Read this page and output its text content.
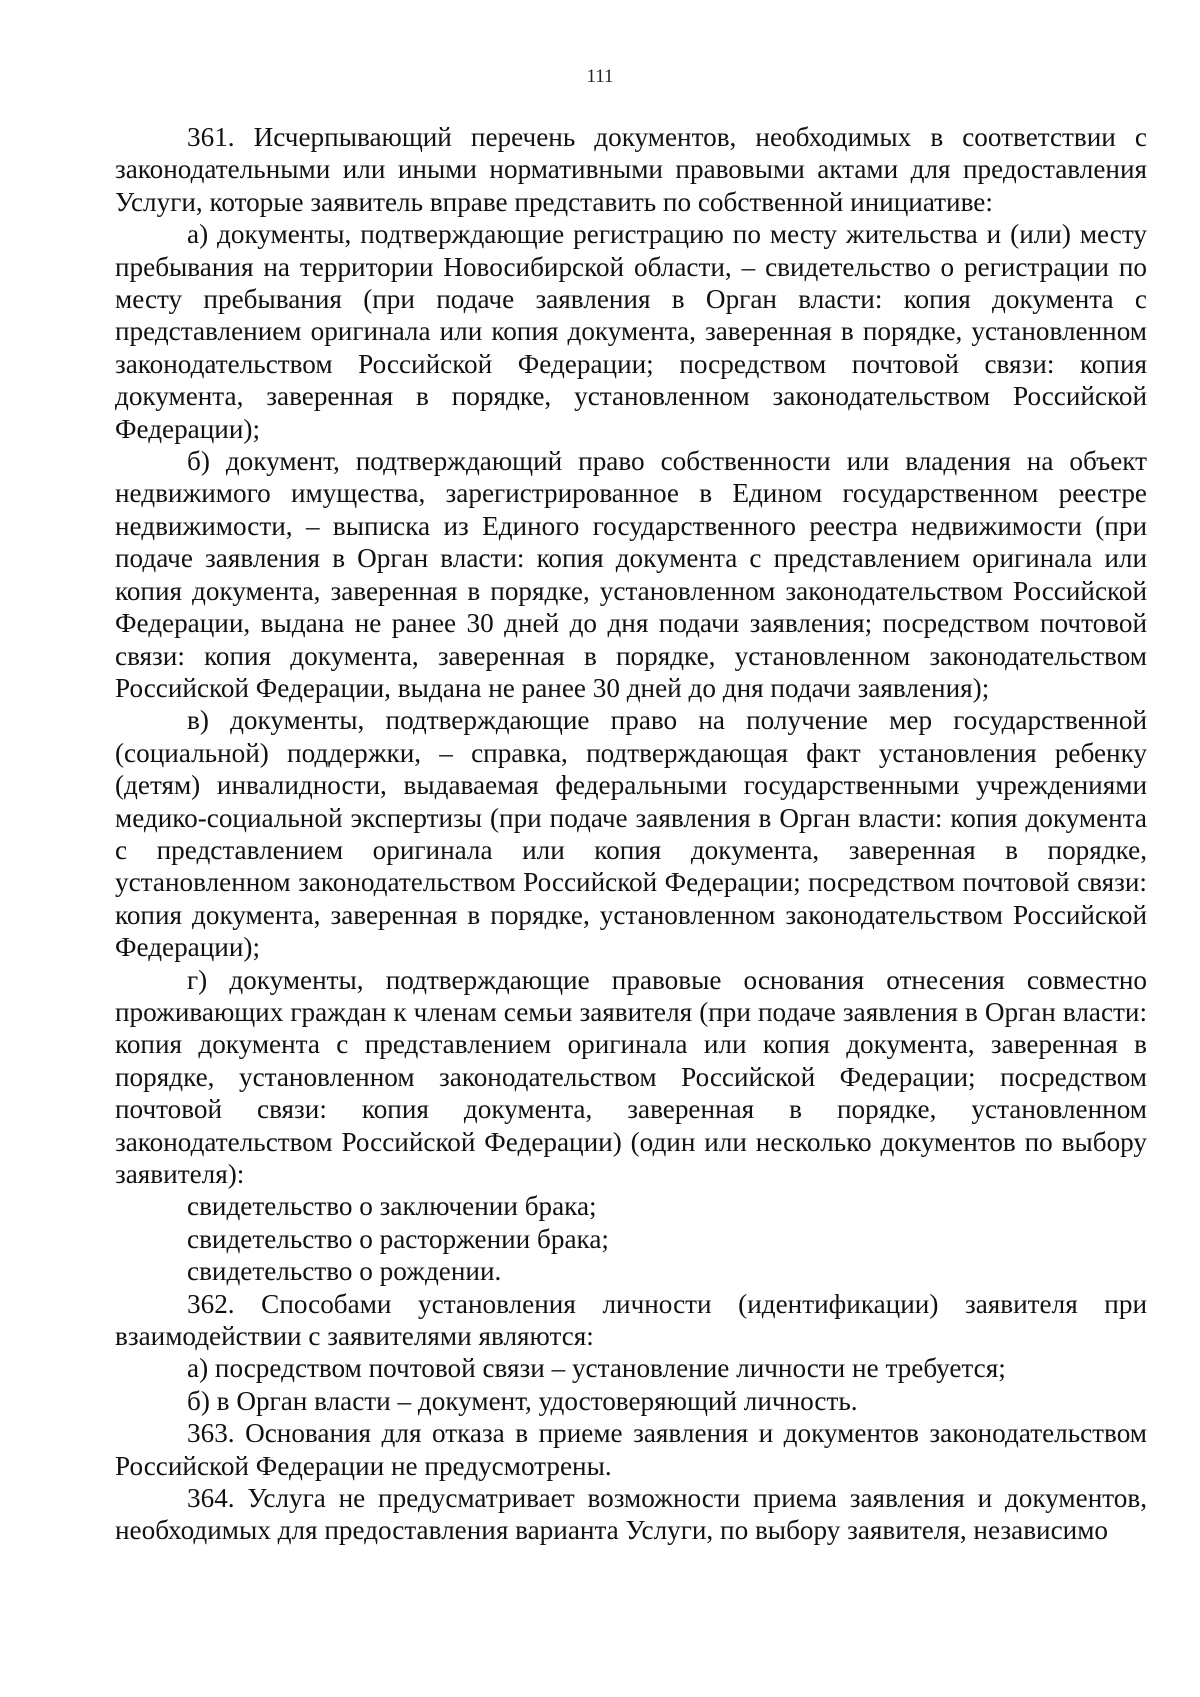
111

361. Исчерпывающий перечень документов, необходимых в соответствии с законодательными или иными нормативными правовыми актами для предоставления Услуги, которые заявитель вправе представить по собственной инициативе:

а) документы, подтверждающие регистрацию по месту жительства и (или) месту пребывания на территории Новосибирской области, – свидетельство о регистрации по месту пребывания (при подаче заявления в Орган власти: копия документа с представлением оригинала или копия документа, заверенная в порядке, установленном законодательством Российской Федерации; посредством почтовой связи: копия документа, заверенная в порядке, установленном законодательством Российской Федерации);

б) документ, подтверждающий право собственности или владения на объект недвижимого имущества, зарегистрированное в Едином государственном реестре недвижимости, – выписка из Единого государственного реестра недвижимости (при подаче заявления в Орган власти: копия документа с представлением оригинала или копия документа, заверенная в порядке, установленном законодательством Российской Федерации, выдана не ранее 30 дней до дня подачи заявления; посредством почтовой связи: копия документа, заверенная в порядке, установленном законодательством Российской Федерации, выдана не ранее 30 дней до дня подачи заявления);

в) документы, подтверждающие право на получение мер государственной (социальной) поддержки, – справка, подтверждающая факт установления ребенку (детям) инвалидности, выдаваемая федеральными государственными учреждениями медико-социальной экспертизы (при подаче заявления в Орган власти: копия документа с представлением оригинала или копия документа, заверенная в порядке, установленном законодательством Российской Федерации; посредством почтовой связи: копия документа, заверенная в порядке, установленном законодательством Российской Федерации);

г) документы, подтверждающие правовые основания отнесения совместно проживающих граждан к членам семьи заявителя (при подаче заявления в Орган власти: копия документа с представлением оригинала или копия документа, заверенная в порядке, установленном законодательством Российской Федерации; посредством почтовой связи: копия документа, заверенная в порядке, установленном законодательством Российской Федерации) (один или несколько документов по выбору заявителя):

свидетельство о заключении брака;

свидетельство о расторжении брака;

свидетельство о рождении.

362. Способами установления личности (идентификации) заявителя при взаимодействии с заявителями являются:

а) посредством почтовой связи – установление личности не требуется;

б) в Орган власти – документ, удостоверяющий личность.

363. Основания для отказа в приеме заявления и документов законодательством Российской Федерации не предусмотрены.

364. Услуга не предусматривает возможности приема заявления и документов, необходимых для предоставления варианта Услуги, по выбору заявителя, независимо
